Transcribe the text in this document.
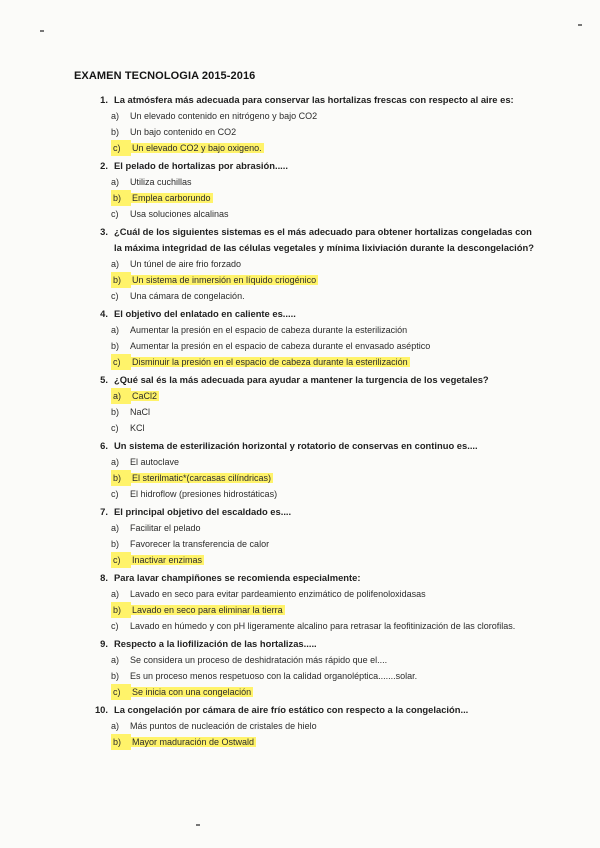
EXAMEN TECNOLOGIA 2015-2016
1. La atmósfera más adecuada para conservar las hortalizas frescas con respecto al aire es:
a)	Un elevado contenido en nitrógeno y bajo CO2
b)	Un bajo contenido en CO2
c)	Un elevado CO2 y bajo oxigeno.
2. El pelado de hortalizas por abrasión.....
a)	Utiliza cuchillas
b)	Emplea carborundo
c)	Usa soluciones alcalinas
3. ¿Cuál de los siguientes sistemas es el más adecuado para obtener hortalizas congeladas con la máxima integridad de las células vegetales y mínima lixiviación durante la descongelación?
a)	Un túnel de aire frio forzado
b)	Un sistema de inmersión en líquido criogénico
c)	Una cámara de congelación.
4. El objetivo del enlatado en caliente es.....
a)	Aumentar la presión en el espacio de cabeza durante la esterilización
b)	Aumentar la presión en el espacio de cabeza durante el envasado aséptico
c)	Disminuir la presión en el espacio de cabeza durante la esterilización
5. ¿Qué sal és la más adecuada para ayudar a mantener la turgencia de los vegetales?
a)	CaCl2
b)	NaCl
c)	KCl
6. Un sistema de esterilización horizontal y rotatorio de conservas en continuo es....
a)	El autoclave
b)	El sterilmatic*(carcasas cilíndricas)
c)	El hidroflow (presiones hidrostáticas)
7. El principal objetivo del escaldado es....
a)	Facilitar el pelado
b)	Favorecer la transferencia de calor
c)	Inactivar enzimas
8. Para lavar champiñones se recomienda especialmente:
a)	Lavado en seco para evitar pardeamiento enzimático de polifenoloxidasas
b)	Lavado en seco para eliminar la tierra
c)	Lavado en húmedo y con pH ligeramente alcalino para retrasar la feofitinización de las clorofilas.
9. Respecto a la liofilización de las hortalizas.....
a)	Se considera un proceso de deshidratación más rápido que el....
b)	Es un proceso menos respetuoso con la calidad organoléptica.......solar.
c)	Se inicia con una congelación
10. La congelación por cámara de aire frío estático con respecto a la congelación...
a)	Más puntos de nucleación de cristales de hielo
b)	Mayor maduración de Ostwald
